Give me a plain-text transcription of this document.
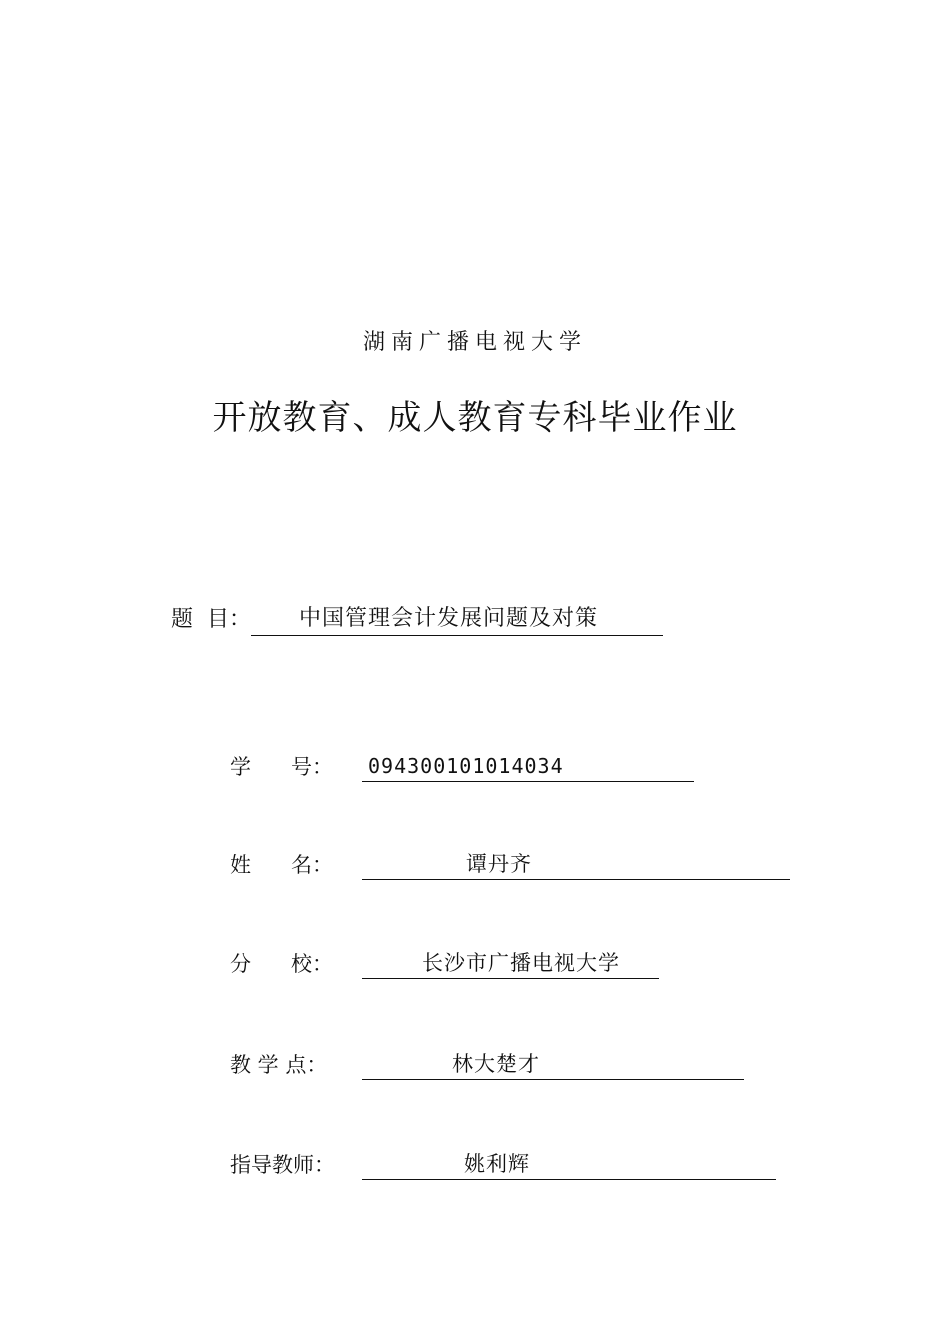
湖南广播电视大学
开放教育、成人教育专科毕业作业
题  目：	中国管理会计发展问题及对策
学      号：	094300101014034
姓      名：	谭丹齐
分      校：	长沙市广播电视大学
教 学 点：	林大楚才
指导教师：	姚利辉
